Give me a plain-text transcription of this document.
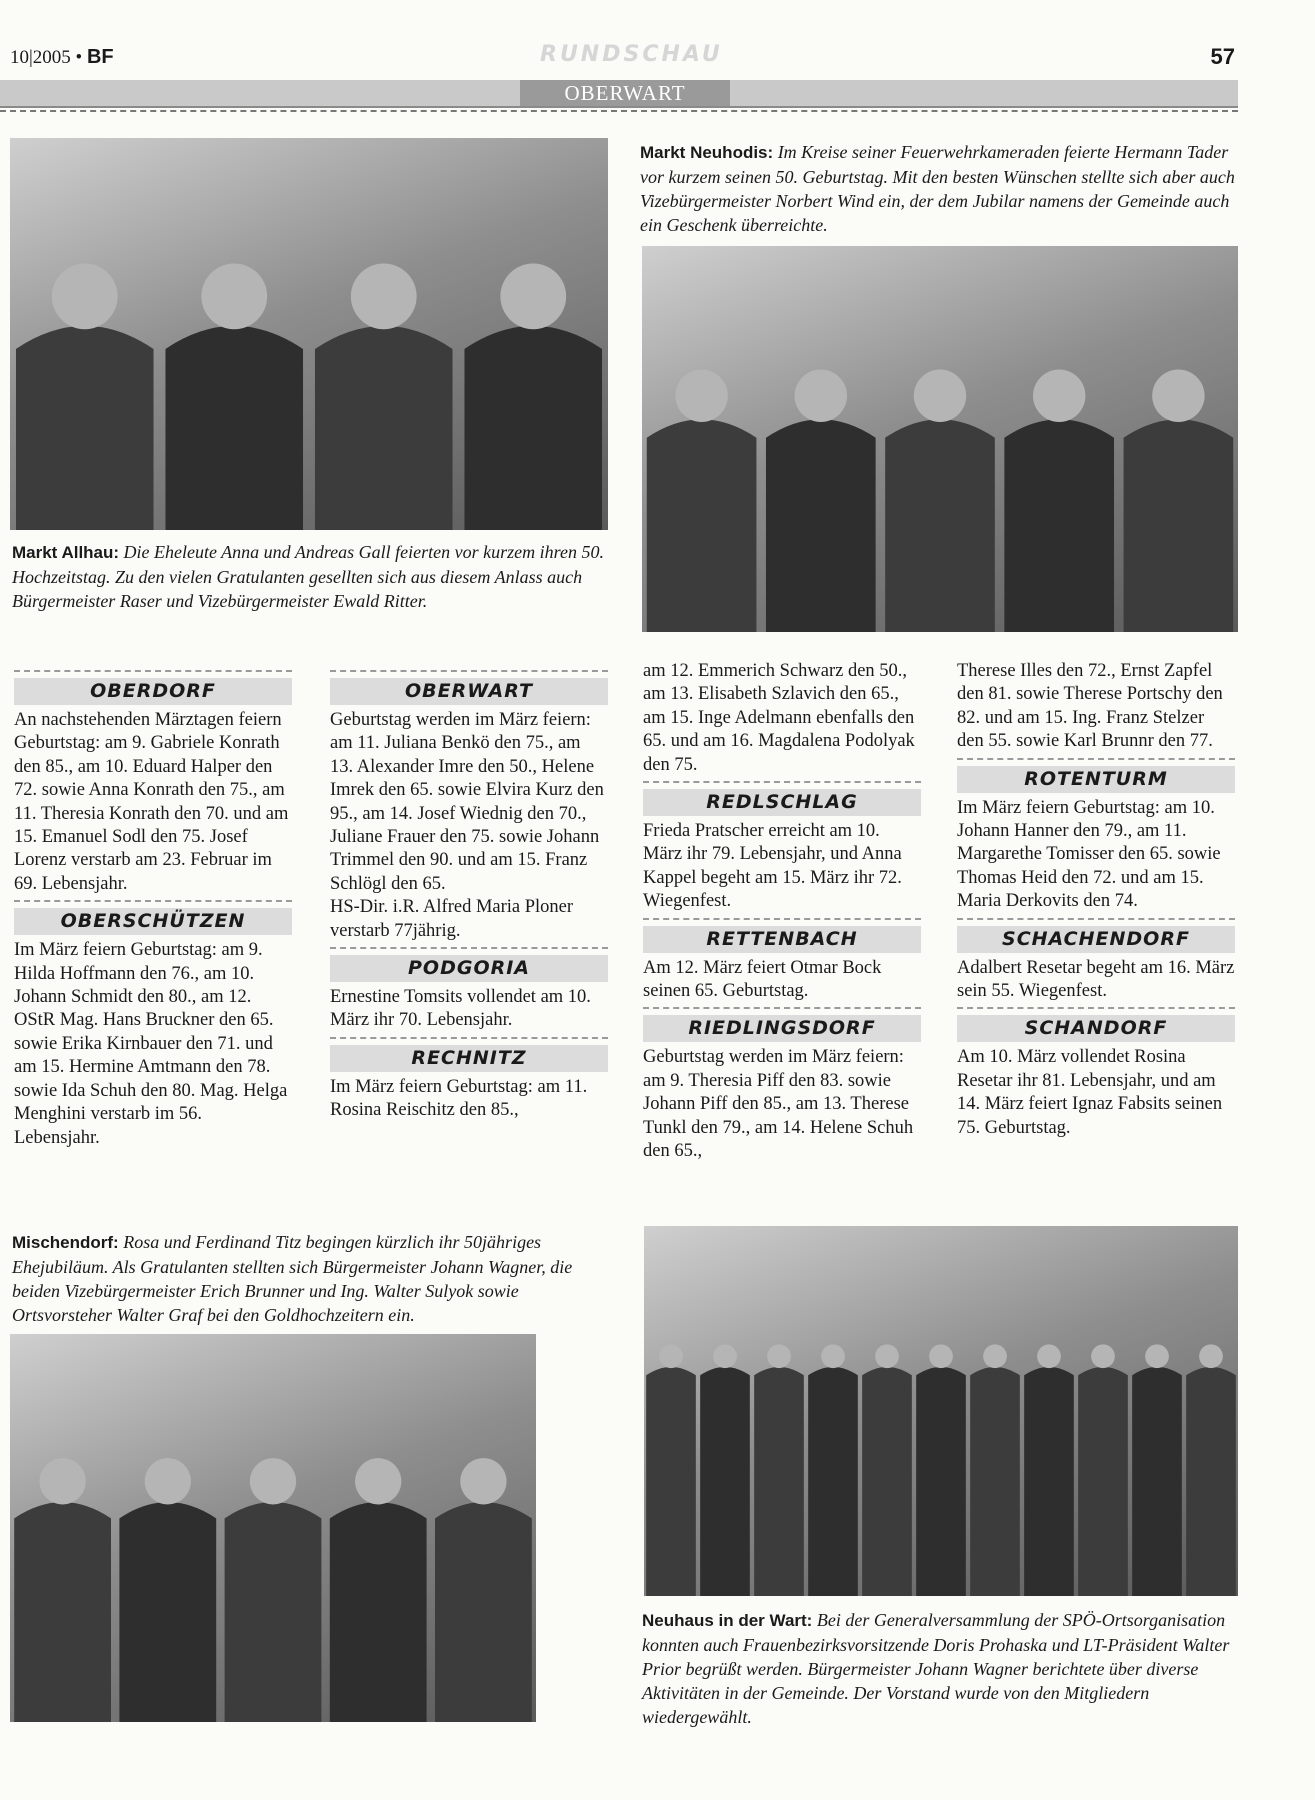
10|2005 • BF	RUNDSCHAU	57
OBERWART
Markt Allhau: Die Eheleute Anna und Andreas Gall feierten vor kurzem ihren 50. Hochzeitstag. Zu den vielen Gratulanten gesellten sich aus diesem Anlass auch Bürgermeister Raser und Vizebürgermeister Ewald Ritter.
Markt Neuhodis: Im Kreise seiner Feuerwehrkameraden feierte Hermann Tader vor kurzem seinen 50. Geburtstag. Mit den besten Wünschen stellte sich aber auch Vizebürgermeister Norbert Wind ein, der dem Jubilar namens der Gemeinde auch ein Geschenk überreichte.
Mischendorf: Rosa und Ferdinand Titz begingen kürzlich ihr 50jähriges Ehejubiläum. Als Gratulanten stellten sich Bürgermeister Johann Wagner, die beiden Vizebürgermeister Erich Brunner und Ing. Walter Sulyok sowie Ortsvorsteher Walter Graf bei den Goldhochzeitern ein.
Neuhaus in der Wart: Bei der Generalversammlung der SPÖ-Ortsorganisation konnten auch Frauenbezirksvorsitzende Doris Prohaska und LT-Präsident Walter Prior begrüßt werden. Bürgermeister Johann Wagner berichtete über diverse Aktivitäten in der Gemeinde. Der Vorstand wurde von den Mitgliedern wiedergewählt.
OBERDORF

An nachstehenden Märztagen feiern Geburtstag: am 9. Gabriele Konrath den 85., am 10. Eduard Halper den 72. sowie Anna Konrath den 75., am 11. Theresia Konrath den 70. und am 15. Emanuel Sodl den 75. Josef Lorenz verstarb am 23. Februar im 69. Lebensjahr.

OBERSCHÜTZEN

Im März feiern Geburtstag: am 9. Hilda Hoffmann den 76., am 10. Johann Schmidt den 80., am 12. OStR Mag. Hans Bruckner den 65. sowie Erika Kirnbauer den 71. und am 15. Hermine Amtmann den 78. sowie Ida Schuh den 80. Mag. Helga Menghini verstarb im 56. Lebensjahr.

OBERWART

Geburtstag werden im März feiern: am 11. Juliana Benkö den 75., am 13. Alexander Imre den 50., Helene Imrek den 65. sowie Elvira Kurz den 95., am 14. Josef Wiednig den 70., Juliane Frauer den 75. sowie Johann Trimmel den 90. und am 15. Franz Schlögl den 65.

HS-Dir. i.R. Alfred Maria Ploner verstarb 77jährig.

PODGORIA

Ernestine Tomsits vollendet am 10. März ihr 70. Lebensjahr.

RECHNITZ

Im März feiern Geburtstag: am 11. Rosina Reischitz den 85.,

am 12. Emmerich Schwarz den 50., am 13. Elisabeth Szlavich den 65., am 15. Inge Adelmann ebenfalls den 65. und am 16. Magdalena Podolyak den 75.

REDLSCHLAG

Frieda Pratscher erreicht am 10. März ihr 79. Lebensjahr, und Anna Kappel begeht am 15. März ihr 72. Wiegenfest.

RETTENBACH

Am 12. März feiert Otmar Bock seinen 65. Geburtstag.

RIEDLINGSDORF

Geburtstag werden im März feiern: am 9. Theresia Piff den 83. sowie Johann Piff den 85., am 13. Therese Tunkl den 79., am 14. Helene Schuh den 65.,

Therese Illes den 72., Ernst Zapfel den 81. sowie Therese Portschy den 82. und am 15. Ing. Franz Stelzer den 55. sowie Karl Brunnr den 77.

ROTENTURM

Im März feiern Geburtstag: am 10. Johann Hanner den 79., am 11. Margarethe Tomisser den 65. sowie Thomas Heid den 72. und am 15. Maria Derkovits den 74.

SCHACHENDORF

Adalbert Resetar begeht am 16. März sein 55. Wiegenfest.

SCHANDORF

Am 10. März vollendet Rosina Resetar ihr 81. Lebensjahr, und am 14. März feiert Ignaz Fabsits seinen 75. Geburtstag.
